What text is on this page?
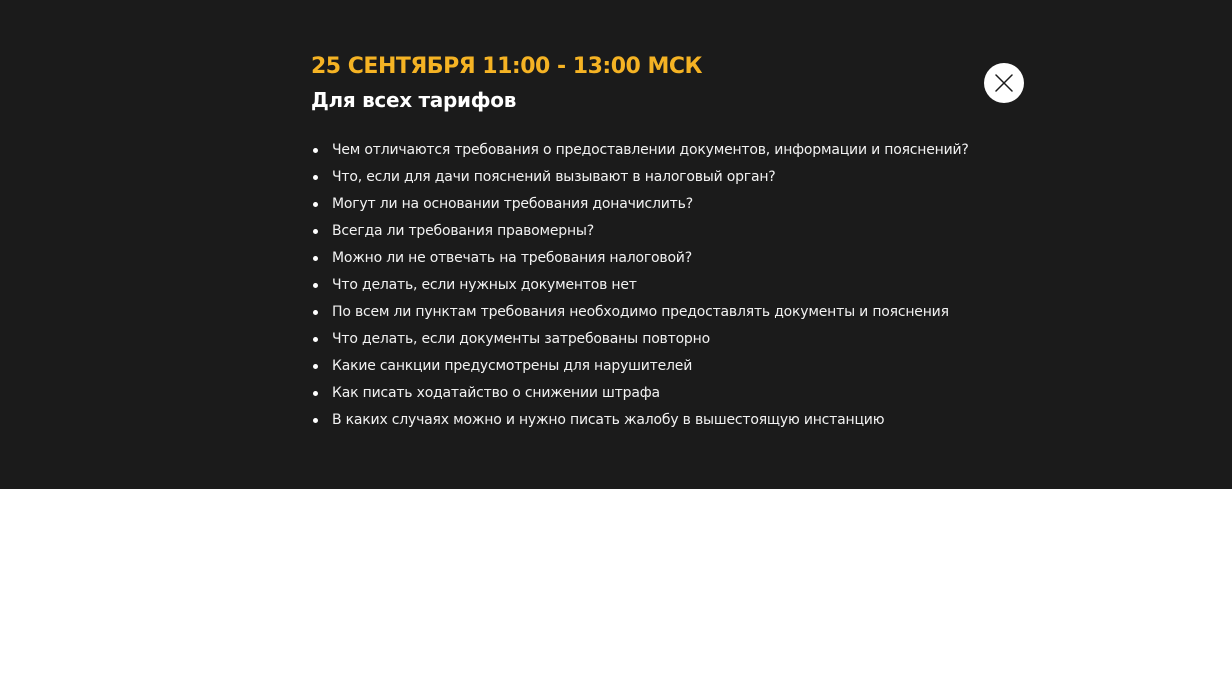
25 СЕНТЯБРЯ 11:00 - 13:00 МСК
Для всех тарифов
Чем отличаются требования о предоставлении документов, информации и пояснений?
Что, если для дачи пояснений вызывают в налоговый орган?
Могут ли на основании требования доначислить?
Всегда ли требования правомерны?
Можно ли не отвечать на требования налоговой?
Что делать, если нужных документов нет
По всем ли пунктам требования необходимо предоставлять документы и пояснения
Что делать, если документы затребованы повторно
Какие санкции предусмотрены для нарушителей
Как писать ходатайство о снижении штрафа
В каких случаях можно и нужно писать жалобу в вышестоящую инстанцию
